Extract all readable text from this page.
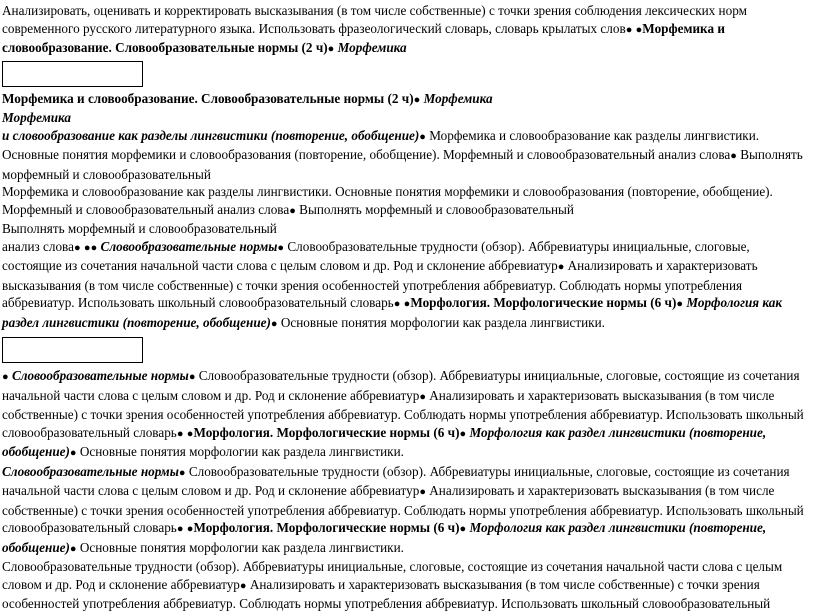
Анализировать, оценивать и корректировать высказывания (в том числе собственные) с точки зрения соблюдения лексических норм современного русского литературного языка. Использовать фразеологический словарь, словарь крылатых слов● ●Морфемика и словообразование. Словообразовательные нормы (2 ч)● Морфемика

Морфемика и словообразование. Словообразовательные нормы (2 ч)● Морфемика
Морфемика
и словообразование как разделы лингвистики (повторение, обобщение)● Морфемика и словообразование как разделы лингвистики. Основные понятия морфемики и словообразования (повторение, обобщение). Морфемный и словообразовательный анализ слова● Выполнять морфемный и словообразовательный

Морфемика и словообразование как разделы лингвистики. Основные понятия морфемики и словообразования (повторение, обобщение). Морфемный и словообразовательный анализ слова● Выполнять морфемный и словообразовательный
Выполнять морфемный и словообразовательный
анализ слова● ●● Словообразовательные нормы● Словообразовательные трудности (обзор). Аббревиатуры инициальные, слоговые, состоящие из сочетания начальной части слова с целым словом и др. Род и склонение аббревиатур● Анализировать и характеризовать высказывания (в том числе собственные) с точки зрения особенностей употребления аббревиатур. Соблюдать нормы употребления аббревиатур. Использовать школьный словообразовательный словарь● ●Морфология. Морфологические нормы (6 ч)● Морфология как раздел лингвистики (повторение, обобщение)● Основные понятия морфологии как раздела лингвистики.

● Словообразовательные нормы● Словообразовательные трудности (обзор). Аббревиатуры инициальные, слоговые, состоящие из сочетания начальной части слова с целым словом и др. Род и склонение аббревиатур● Анализировать и характеризовать высказывания (в том числе собственные) с точки зрения особенностей употребления аббревиатур. Соблюдать нормы употребления аббревиатур. Использовать школьный словообразовательный словарь● ●Морфология. Морфологические нормы (6 ч)● Морфология как раздел лингвистики (повторение, обобщение)● Основные понятия морфологии как раздела лингвистики.

Словообразовательные нормы● Словообразовательные трудности (обзор). Аббревиатуры инициальные, слоговые, состоящие из сочетания начальной части слова с целым словом и др. Род и склонение аббревиатур● Анализировать и характеризовать высказывания (в том числе собственные) с точки зрения особенностей употребления аббревиатур. Соблюдать нормы употребления аббревиатур. Использовать школьный словообразовательный словарь● ●Морфология. Морфологические нормы (6 ч)● Морфология как раздел лингвистики (повторение, обобщение)● Основные понятия морфологии как раздела лингвистики.

Словообразовательные трудности (обзор). Аббревиатуры инициальные, слоговые, состоящие из сочетания начальной части слова с целым словом и др. Род и склонение аббревиатур● Анализировать и характеризовать высказывания (в том числе собственные) с точки зрения особенностей употребления аббревиатур. Соблюдать нормы употребления аббревиатур. Использовать школьный словообразовательный
